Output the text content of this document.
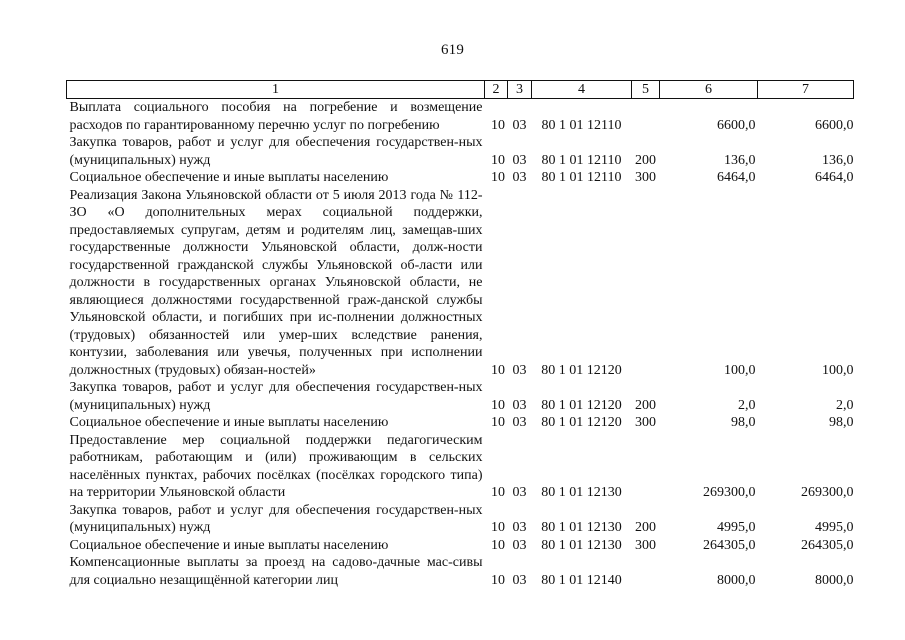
619
1	2	3	4	5	6	7
Выплата социального пособия на погребение и возмещение расходов по гарантированному перечню услуг по погребению	10	03	80 1 01 12110		6600,0	6600,0
Закупка товаров, работ и услуг для обеспечения государствен-ных (муниципальных) нужд	10	03	80 1 01 12110	200	136,0	136,0
Социальное обеспечение и иные выплаты населению	10	03	80 1 01 12110	300	6464,0	6464,0
Реализация Закона Ульяновской области от 5 июля 2013 года № 112-ЗО «О дополнительных мерах социальной поддержки, предоставляемых супругам, детям и родителям лиц, замещав-ших государственные должности Ульяновской области, долж-ности государственной гражданской службы Ульяновской об-ласти или должности в государственных органах Ульяновской области, не являющиеся должностями государственной граж-данской службы Ульяновской области, и погибших при ис-полнении должностных (трудовых) обязанностей или умер-ших вследствие ранения, контузии, заболевания или увечья, полученных при исполнении должностных (трудовых) обязан-ностей»	10	03	80 1 01 12120		100,0	100,0
Закупка товаров, работ и услуг для обеспечения государствен-ных (муниципальных) нужд	10	03	80 1 01 12120	200	2,0	2,0
Социальное обеспечение и иные выплаты населению	10	03	80 1 01 12120	300	98,0	98,0
Предоставление мер социальной поддержки педагогическим работникам, работающим и (или) проживающим в сельских населённых пунктах, рабочих посёлках (посёлках городского типа) на территории Ульяновской области	10	03	80 1 01 12130		269300,0	269300,0
Закупка товаров, работ и услуг для обеспечения государствен-ных (муниципальных) нужд	10	03	80 1 01 12130	200	4995,0	4995,0
Социальное обеспечение и иные выплаты населению	10	03	80 1 01 12130	300	264305,0	264305,0
Компенсационные выплаты за проезд на садово-дачные мас-сивы для социально незащищённой категории лиц	10	03	80 1 01 12140		8000,0	8000,0
